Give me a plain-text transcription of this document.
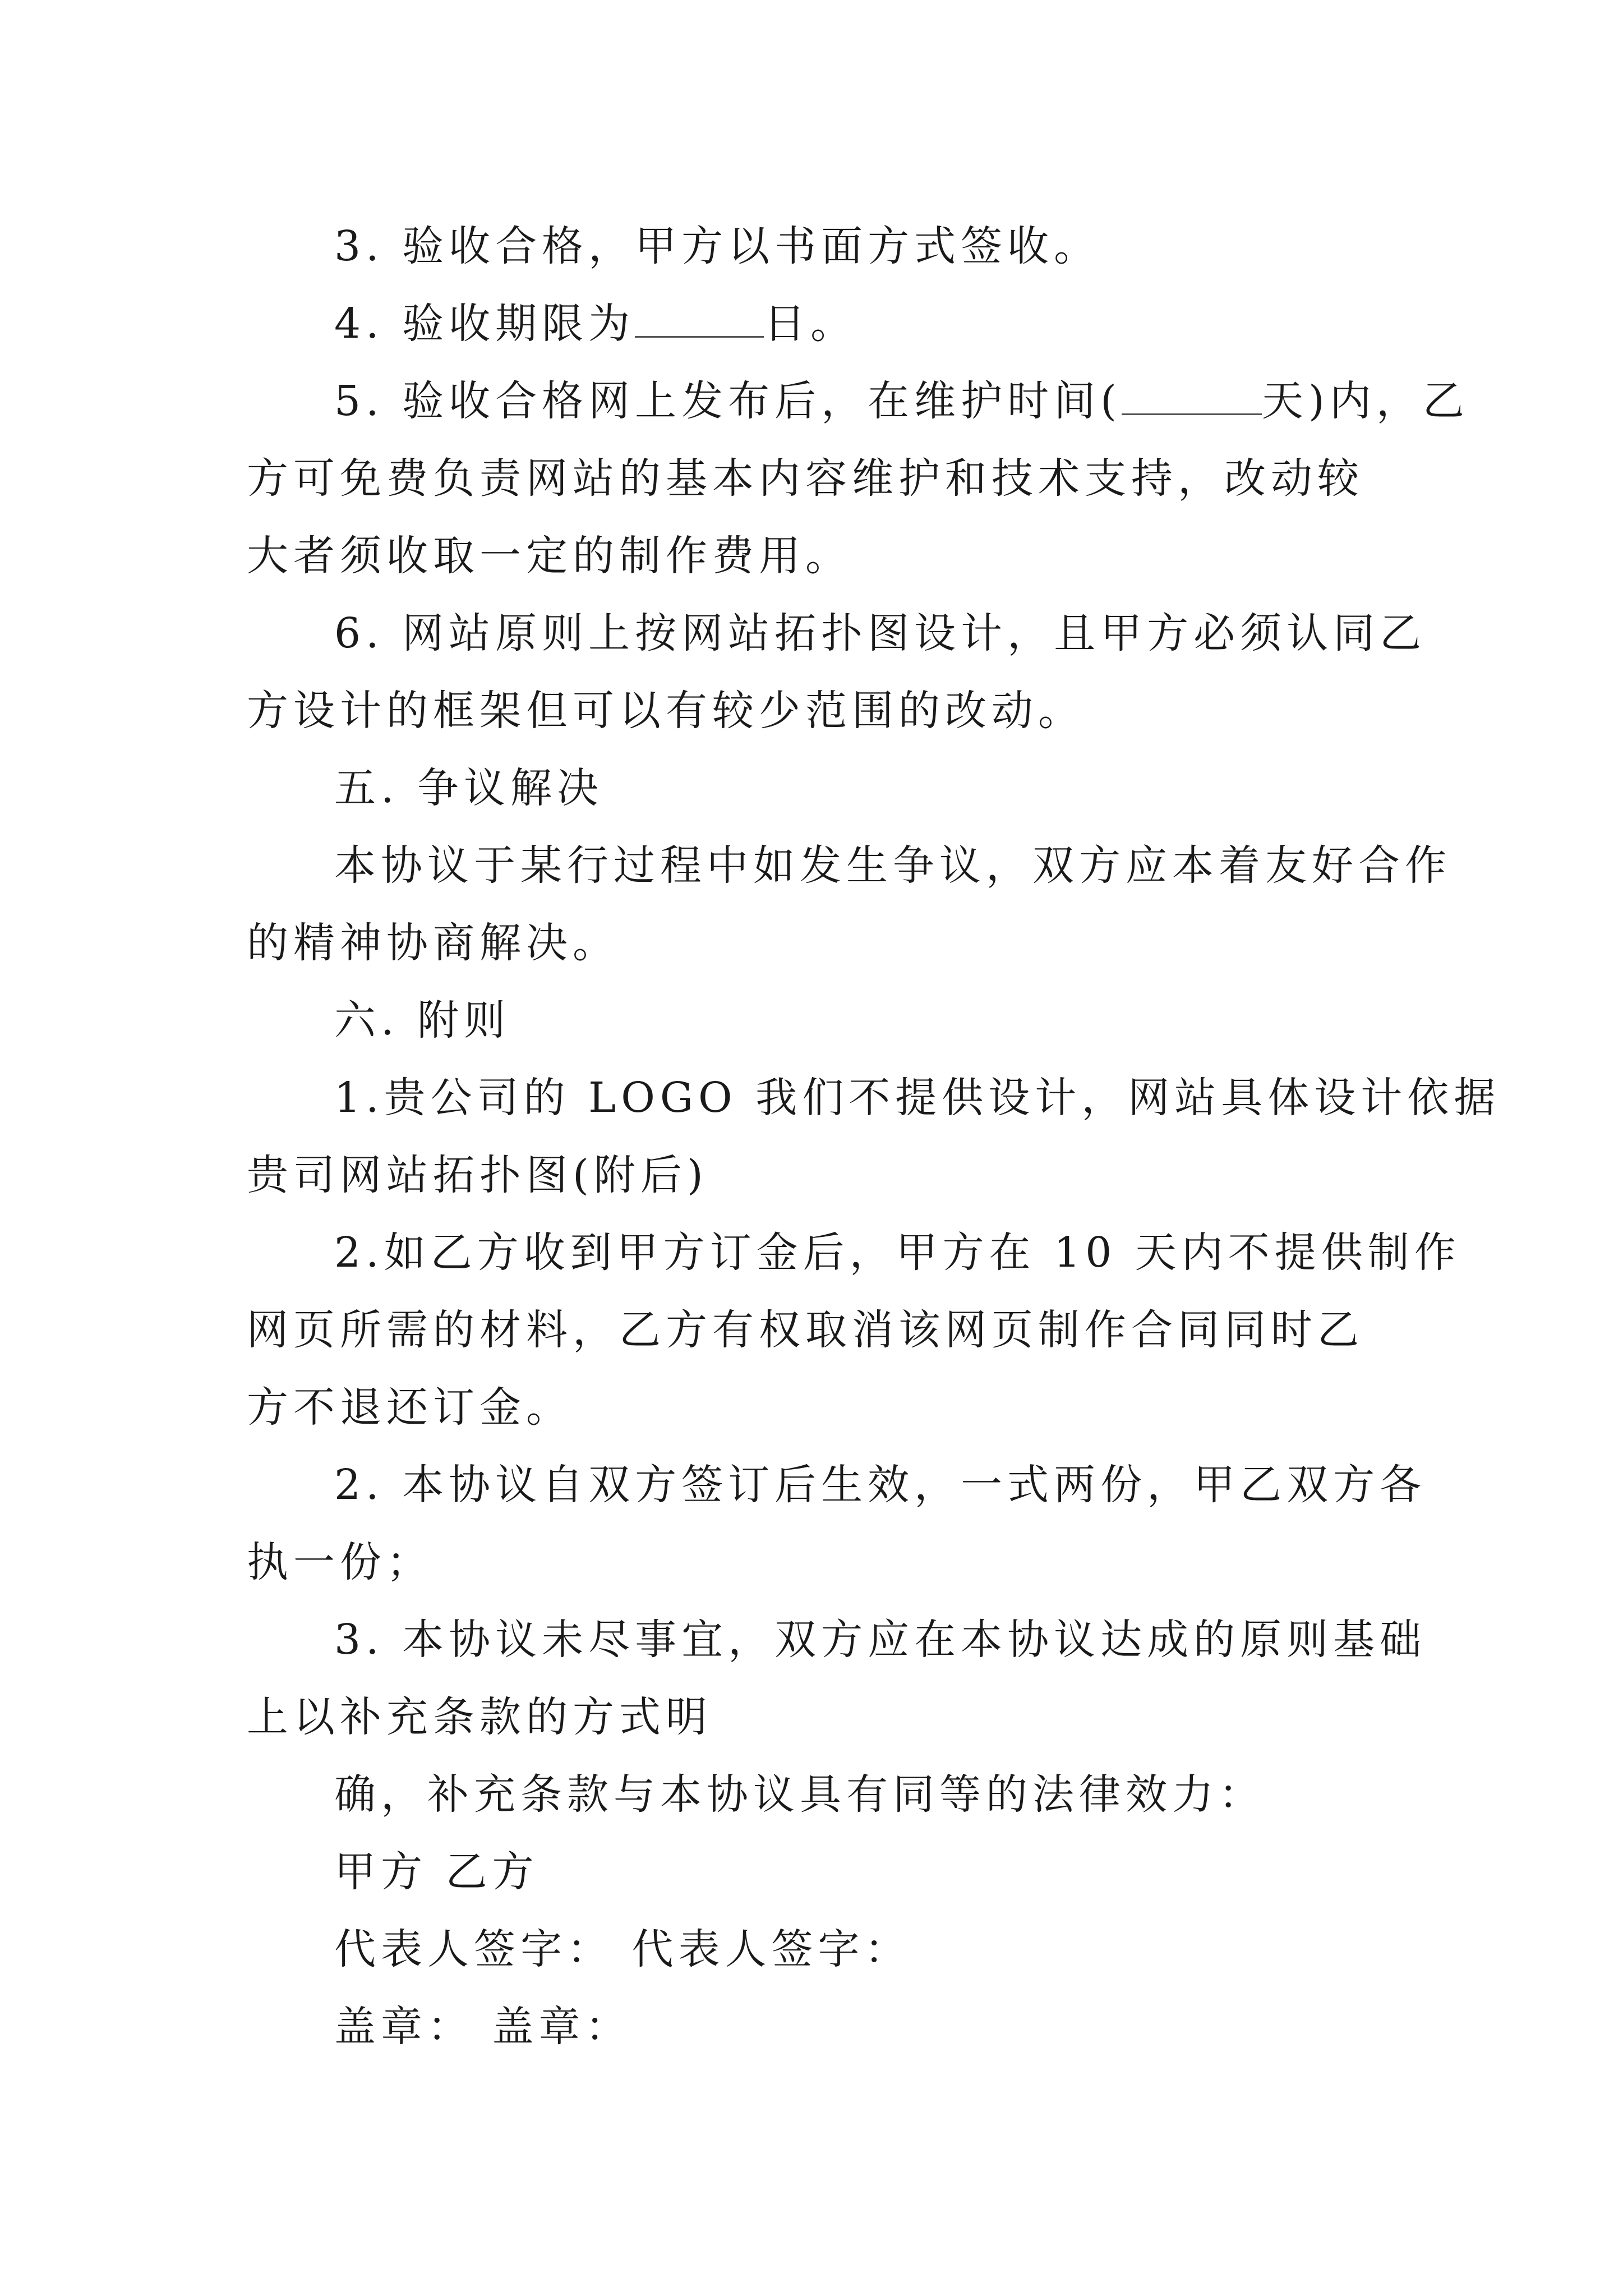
3. 验收合格，甲方以书面方式签收。

4. 验收期限为	日。

5. 验收合格网上发布后，在维护时间(	天)内，乙

方可免费负责网站的基本内容维护和技术支持，改动较大者须收取一定的制作费用。

6. 网站原则上按网站拓扑图设计，且甲方必须认同乙

方设计的框架但可以有较少范围的改动。

五. 争议解决

本协议于某行过程中如发生争议，双方应本着友好合作

的精神协商解决。

六. 附则

1.贵公司的 LOGO 我们不提供设计，网站具体设计依据

贵司网站拓扑图(附后)

2.如乙方收到甲方订金后，甲方在 10 天内不提供制作

网页所需的材料，乙方有权取消该网页制作合同同时乙方不退还订金。

2. 本协议自双方签订后生效，一式两份，甲乙双方各

执一份；

3. 本协议未尽事宜，双方应在本协议达成的原则基础

上以补充条款的方式明

确，补充条款与本协议具有同等的法律效力：

甲方 乙方

代表人签字： 代表人签字：

盖章： 盖章：
